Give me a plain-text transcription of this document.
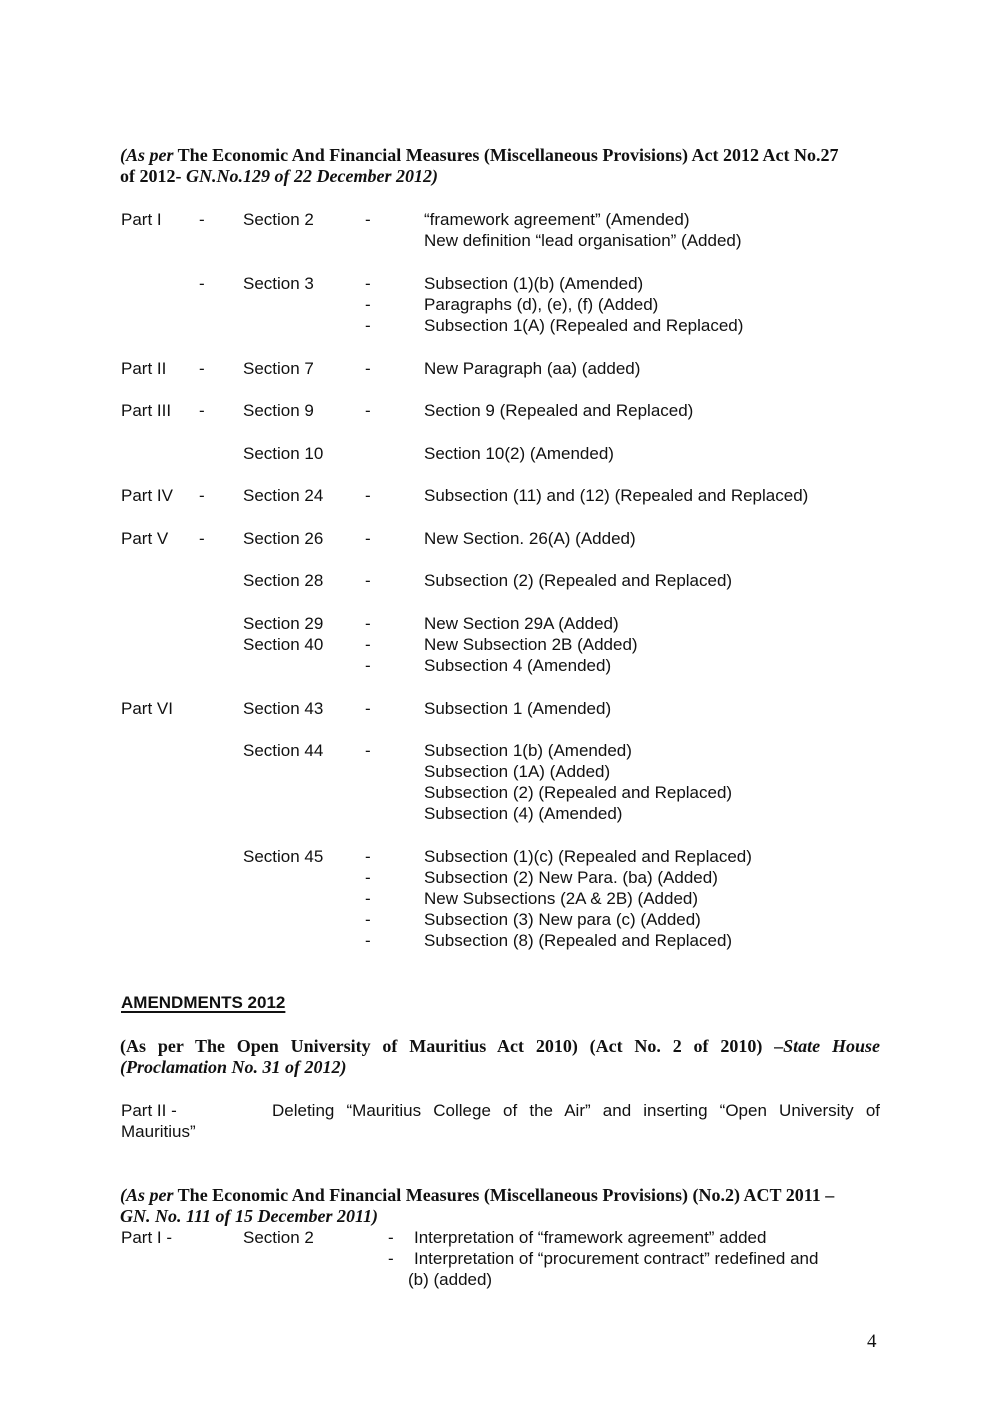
(As per The Economic And Financial Measures (Miscellaneous Provisions) Act 2012 Act No.27
of 2012- GN.No.129 of 22 December 2012)
Part I - Section 2	-	“framework agreement” (Amended)
New definition “lead organisation” (Added)
- Section 3	-	Subsection (1)(b) (Amended)
-	Paragraphs (d), (e), (f) (Added)
-	Subsection 1(A) (Repealed and Replaced)
Part II - Section 7	-	New Paragraph (aa) (added)
Part III - Section 9	-	Section 9 (Repealed and Replaced)
Section 10	Section 10(2) (Amended)
Part IV - Section 24 -	Subsection (11) and (12) (Repealed and Replaced)
Part V - Section 26 -	New Section. 26(A) (Added)
Section 28 -	Subsection (2) (Repealed and Replaced)
Section 29 -	New Section 29A (Added)
Section 40 -	New Subsection 2B (Added)
-	Subsection 4 (Amended)
Part VI	Section 43 -	Subsection 1 (Amended)
Section 44 -	Subsection 1(b) (Amended)
Subsection (1A) (Added)
Subsection (2) (Repealed and Replaced)
Subsection (4) (Amended)
Section 45 -	Subsection (1)(c) (Repealed and Replaced)
-	Subsection (2) New Para. (ba) (Added)
-	New Subsections (2A & 2B) (Added)
-	Subsection (3) New para (c) (Added)
-	Subsection (8) (Repealed and Replaced)
AMENDMENTS 2012
(As per The Open University of Mauritius Act 2010) (Act No. 2 of 2010) –State House
(Proclamation No. 31 of 2012)
Part II -	Deleting “Mauritius College of the Air” and inserting “Open University of
Mauritius”
(As per The Economic And Financial Measures (Miscellaneous Provisions) (No.2) ACT 2011 –
GN. No. 111 of 15 December 2011)
Part I -	Section 2	- Interpretation of “framework agreement” added
- Interpretation of “procurement contract” redefined and
(b) (added)
4
